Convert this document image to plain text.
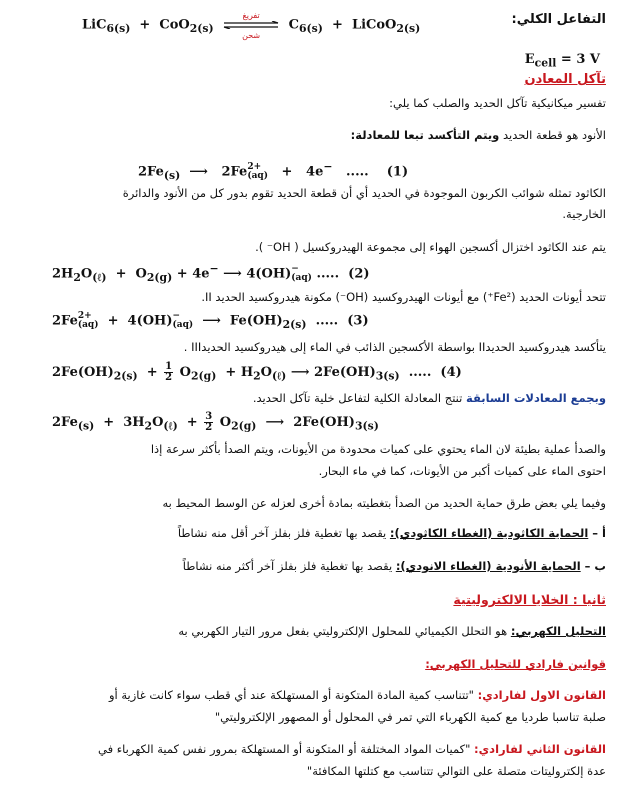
التفاعل الكلي:
LiC$_{6(s)}$ + CoO$_{2(s)}$
تفريغ
شحن
$C_{6(s)}$ + LiCoO$_{2(s)}$
$E_{cell} = 3$ V
تآكل المعادن
تفسير ميكانيكية تآكل الحديد والصلب كما يلي:
الأنود هو قطعة الحديد ويتم التأكسد تبعا للمعادلة:
$2Fe_{(s)}$ ⟶ 2Fe 2+
(aq) + 4e− ..... (1)
الكاثود تمثله شوائب الكربون الموجودة في الحديد أي أن قطعة الحديد تقوم بدور كل من الأنود والدائرة
الخارجية.
يتم عند الكاثود اختزال أكسجين الهواء إلى مجموعة الهيدروكسيل ( OH⁻ ).
$2H_2O_{(\ell)} + O_{2(g)} + 4e^-$ ⟶ 4(OH) −
(aq) ..... (2)
تتحد أيونات الحديد (Fe²⁺) مع أيونات الهيدروكسيد (OH⁻) مكونة هيدروكسيد الحديد II.
2Fe 2+
(aq) + 4(OH) −
(aq) ⟶ $Fe(OH)_{2(s)}$ ..... (3)
يتأكسد هيدروكسيد الحديدII بواسطة الأكسجين الذائب في الماء إلى هيدروكسيد الحديدIII .
$2Fe(OH)_{2(s)} + \frac{1}{2} O_{2(g)} + H_2O_{(\ell)}$ ⟶ $2Fe(OH)_{3(s)}$ ..... (4)
وبجمع المعادلات السابقة تنتج المعادلة الكلية لتفاعل خلية تآكل الحديد.
$2Fe_{(s)} + 3H_2O_{(\ell)} + \frac{3}{2} O_{2(g)}$ ⟶ $2Fe(OH)_{3(s)}$
والصدأ عملية بطيئة لان الماء يحتوي على كميات محدودة من الأيونات، ويتم الصدأ بأكثر سرعة إذا
احتوى الماء على كميات أكبر من الأيونات، كما في ماء البحار.
وفيما يلي بعض طرق حماية الحديد من الصدأ بتغطيته بمادة أخرى لعزله عن الوسط المحيط به
أ – الحماية الكاثودية (الغطاء الكاثودي): يقصد بها تغطية فلز بفلز آخر أقل منه نشاطاً
ب – الحماية الأنودية (الغطاء الانودي): يقصد بها تغطية فلز بفلز آخر أكثر منه نشاطاً
ثانيا : الخلايا الالكتروليتية
التحليل الكهربي: هو التحلل الكيميائي للمحلول الإلكتروليتي بفعل مرور التيار الكهربي به
قوانين فارادي للتحليل الكهربي:
القانون الاول لفارادي: "تتناسب كمية المادة المتكونة أو المستهلكة عند أي قطب سواء كانت غازية أو
صلبة تناسبا طرديا مع كمية الكهرباء التي تمر في المحلول أو المصهور الإلكتروليتي"
القانون الثاني لفارادي: "كميات المواد المختلفة أو المتكونة أو المستهلكة بمرور نفس كمية الكهرباء في
عدة إلكتروليتات متصلة على التوالي تتناسب مع كتلتها المكافئة"
